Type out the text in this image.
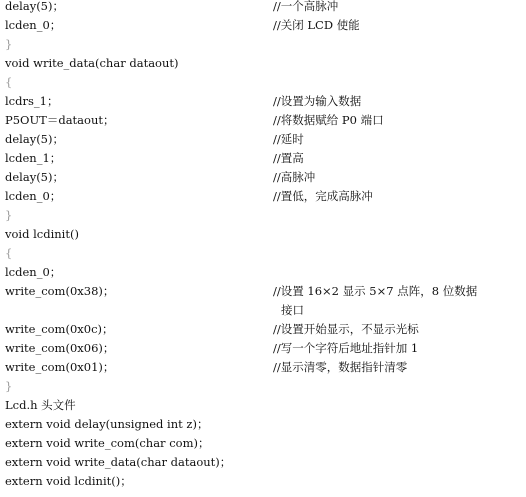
delay(5)；	//一个高脉冲
lcden_0；	//关闭 LCD 使能
}
void write_data(char dataout)
{
lcdrs_1；	//设置为输入数据
P5OUT＝dataout；	//将数据赋给 P0 端口
delay(5)；	//延时
lcden_1；	//置高
delay(5)；	//高脉冲
lcden_0；	//置低，完成高脉冲
}
void lcdinit()
{
lcden_0；
write_com(0x38)；	//设置 16×2 显示 5×7 点阵，8 位数据
接口
write_com(0x0c)；	//设置开始显示，不显示光标
write_com(0x06)；	//写一个字符后地址指针加 1
write_com(0x01)；	//显示清零，数据指针清零
}
Lcd.h 头文件
extern void delay(unsigned int z)；
extern void write_com(char com)；
extern void write_data(char dataout)；
extern void lcdinit()；
